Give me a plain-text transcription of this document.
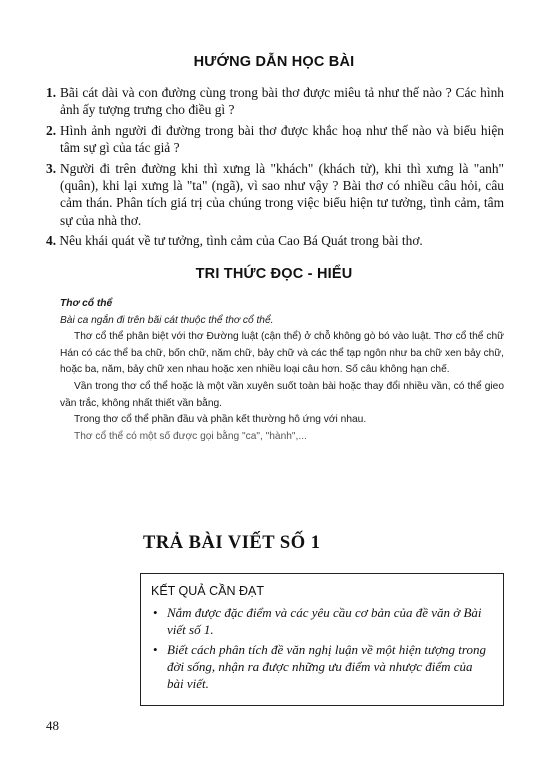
HƯỚNG DẪN HỌC BÀI
1. Bãi cát dài và con đường cùng trong bài thơ được miêu tả như thế nào ? Các hình ảnh ấy tượng trưng cho điều gì ?
2. Hình ảnh người đi đường trong bài thơ được khắc hoạ như thế nào và biểu hiện tâm sự gì của tác giả ?
3. Người đi trên đường khi thì xưng là "khách" (khách tử), khi thì xưng là "anh" (quân), khi lại xưng là "ta" (ngã), vì sao như vậy ? Bài thơ có nhiều câu hỏi, câu cảm thán. Phân tích giá trị của chúng trong việc biểu hiện tư tưởng, tình cảm, tâm sự của nhà thơ.
4. Nêu khái quát về tư tưởng, tình cảm của Cao Bá Quát trong bài thơ.
TRI THỨC ĐỌC - HIỂU

Thơ cổ thể

Bài ca ngắn đi trên bãi cát thuộc thể thơ cổ thể.

Thơ cổ thể phân biệt với thơ Đường luật (cận thể) ở chỗ không gò bó vào luật. Thơ cổ thể chữ Hán có các thể ba chữ, bốn chữ, năm chữ, bảy chữ và các thể tạp ngôn như ba chữ xen bảy chữ, hoặc ba, năm, bảy chữ xen nhau hoặc xen nhiều loại câu hơn. Số câu không hạn chế.

Vần trong thơ cổ thể hoặc là một vần xuyên suốt toàn bài hoặc thay đổi nhiều vần, có thể gieo vần trắc, không nhất thiết vần bằng.

Trong thơ cổ thể phần đầu và phần kết thường hô ứng với nhau.

Thơ cổ thể có một số được gọi bằng "ca", "hành",...

TRẢ BÀI VIẾT SỐ 1
KẾT QUẢ CẦN ĐẠT
• Nắm được đặc điểm và các yêu cầu cơ bản của đề văn ở Bài viết số 1.
• Biết cách phân tích đề văn nghị luận về một hiện tượng trong đời sống, nhận ra được những ưu điểm và nhược điểm của bài viết.
48
